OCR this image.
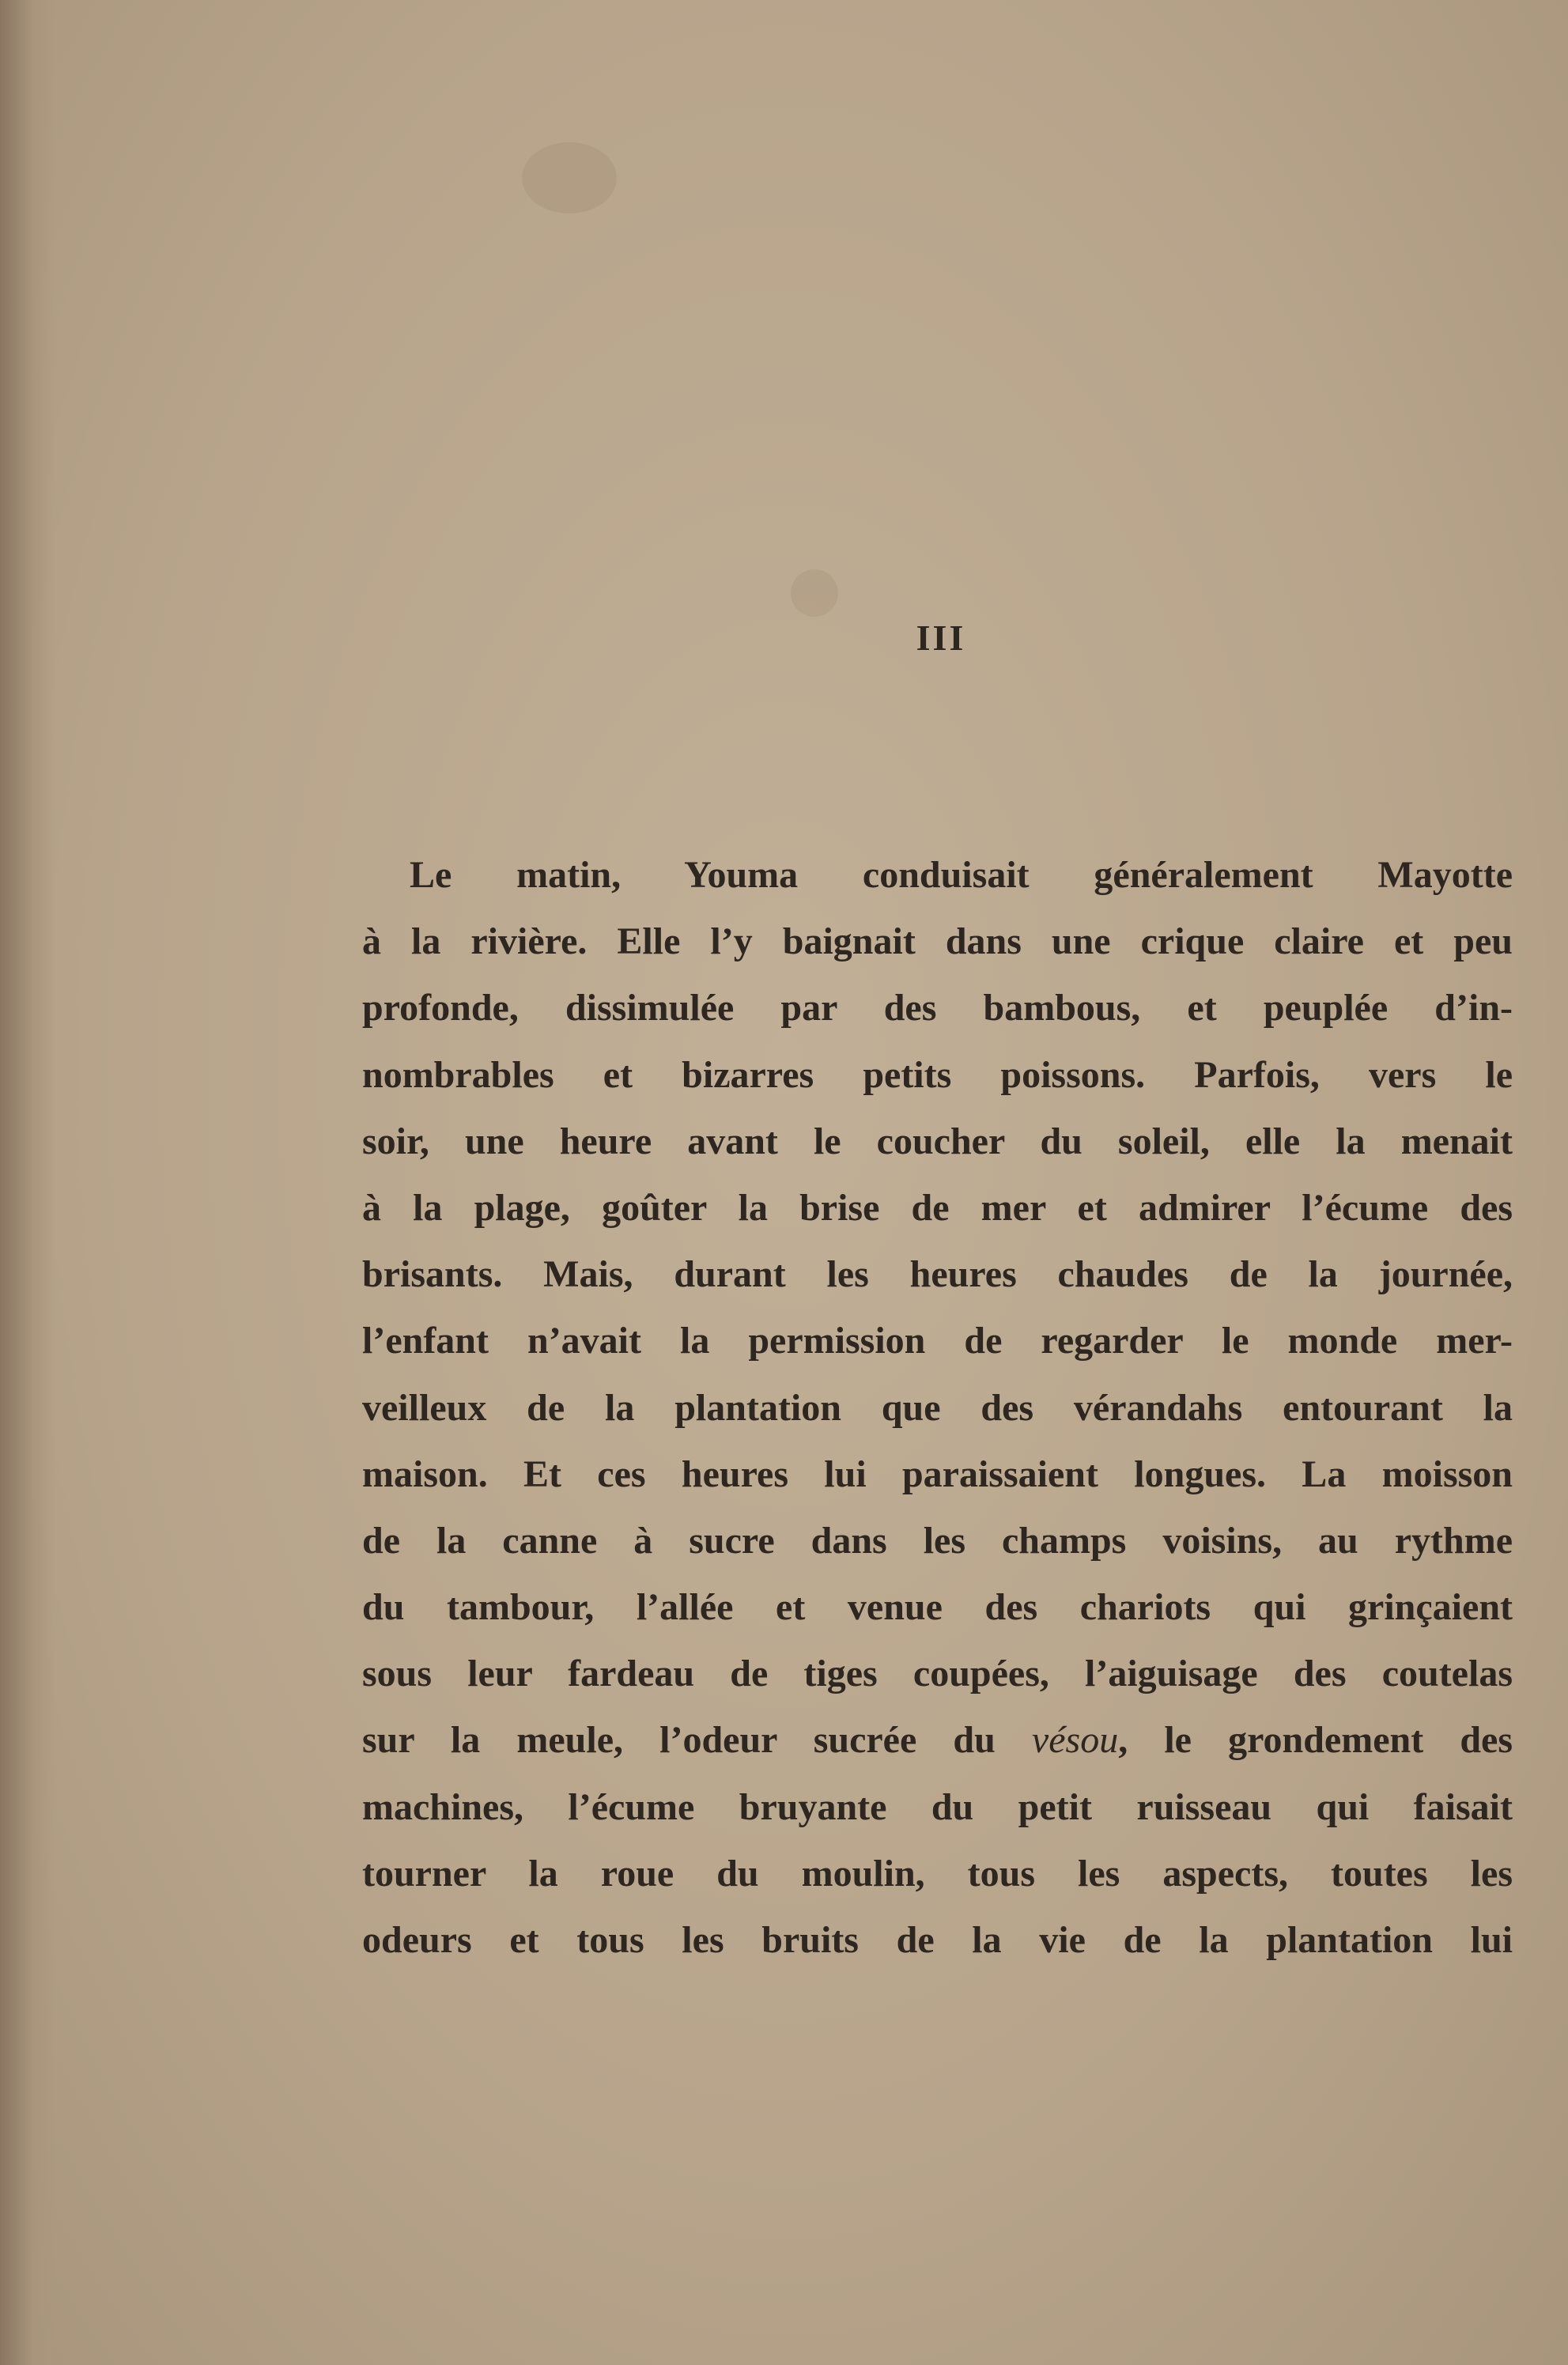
III
Le matin, Youma conduisait généralement Mayotte
à la rivière. Elle l’y baignait dans une crique claire et peu
profonde, dissimulée par des bambous, et peuplée d’in-
nombrables et bizarres petits poissons. Parfois, vers le
soir, une heure avant le coucher du soleil, elle la menait
à la plage, goûter la brise de mer et admirer l’écume des
brisants. Mais, durant les heures chaudes de la journée,
l’enfant n’avait la permission de regarder le monde mer-
veilleux de la plantation que des vérandahs entourant la
maison. Et ces heures lui paraissaient longues. La moisson
de la canne à sucre dans les champs voisins, au rythme
du tambour, l’allée et venue des chariots qui grinçaient
sous leur fardeau de tiges coupées, l’aiguisage des coutelas
sur la meule, l’odeur sucrée du vésou, le grondement des
machines, l’écume bruyante du petit ruisseau qui faisait
tourner la roue du moulin, tous les aspects, toutes les
odeurs et tous les bruits de la vie de la plantation lui
